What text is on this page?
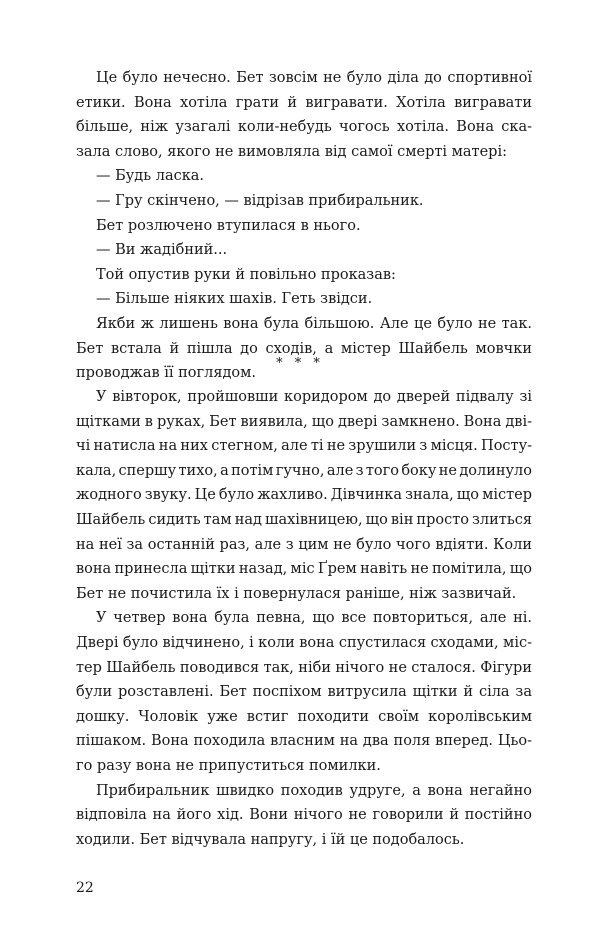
Це було нечесно. Бет зовсім не було діла до спортивної
етики. Вона хотіла грати й вигравати. Хотіла вигравати
більше, ніж узагалі коли-небудь чогось хотіла. Вона ска-
зала слово, якого не вимовляла від самої смерті матері:
— Будь ласка.
— Гру скінчено, — відрізав прибиральник.
Бет розлючено втупилася в нього.
— Ви жадібний...
Той опустив руки й повільно проказав:
— Більше ніяких шахів. Геть звідси.
Якби ж лишень вона була більшою. Але це було не так.
Бет встала й пішла до сходів, а містер Шайбель мовчки
проводжав її поглядом.
* * *
У вівторок, пройшовши коридором до дверей підвалу зі
щітками в руках, Бет виявила, що двері замкнено. Вона дві-
чі натисла на них стегном, але ті не зрушили з місця. Посту-
кала, спершу тихо, а потім гучно, але з того боку не долинуло
жодного звуку. Це було жахливо. Дівчинка знала, що містер
Шайбель сидить там над шахівницею, що він просто злиться
на неї за останній раз, але з цим не було чого вдіяти. Коли
вона принесла щітки назад, міс Ґрем навіть не помітила, що
Бет не почистила їх і повернулася раніше, ніж зазвичай.
У четвер вона була певна, що все повториться, але ні.
Двері було відчинено, і коли вона спустилася сходами, міс-
тер Шайбель поводився так, ніби нічого не сталося. Фігури
були розставлені. Бет поспіхом витрусила щітки й сіла за
дошку. Чоловік уже встиг походити своїм королівським
пішаком. Вона походила власним на два поля вперед. Цьо-
го разу вона не припуститься помилки.
Прибиральник швидко походив удруге, а вона негайно
відповіла на його хід. Вони нічого не говорили й постійно
ходили. Бет відчувала напругу, і їй це подобалось.
22
